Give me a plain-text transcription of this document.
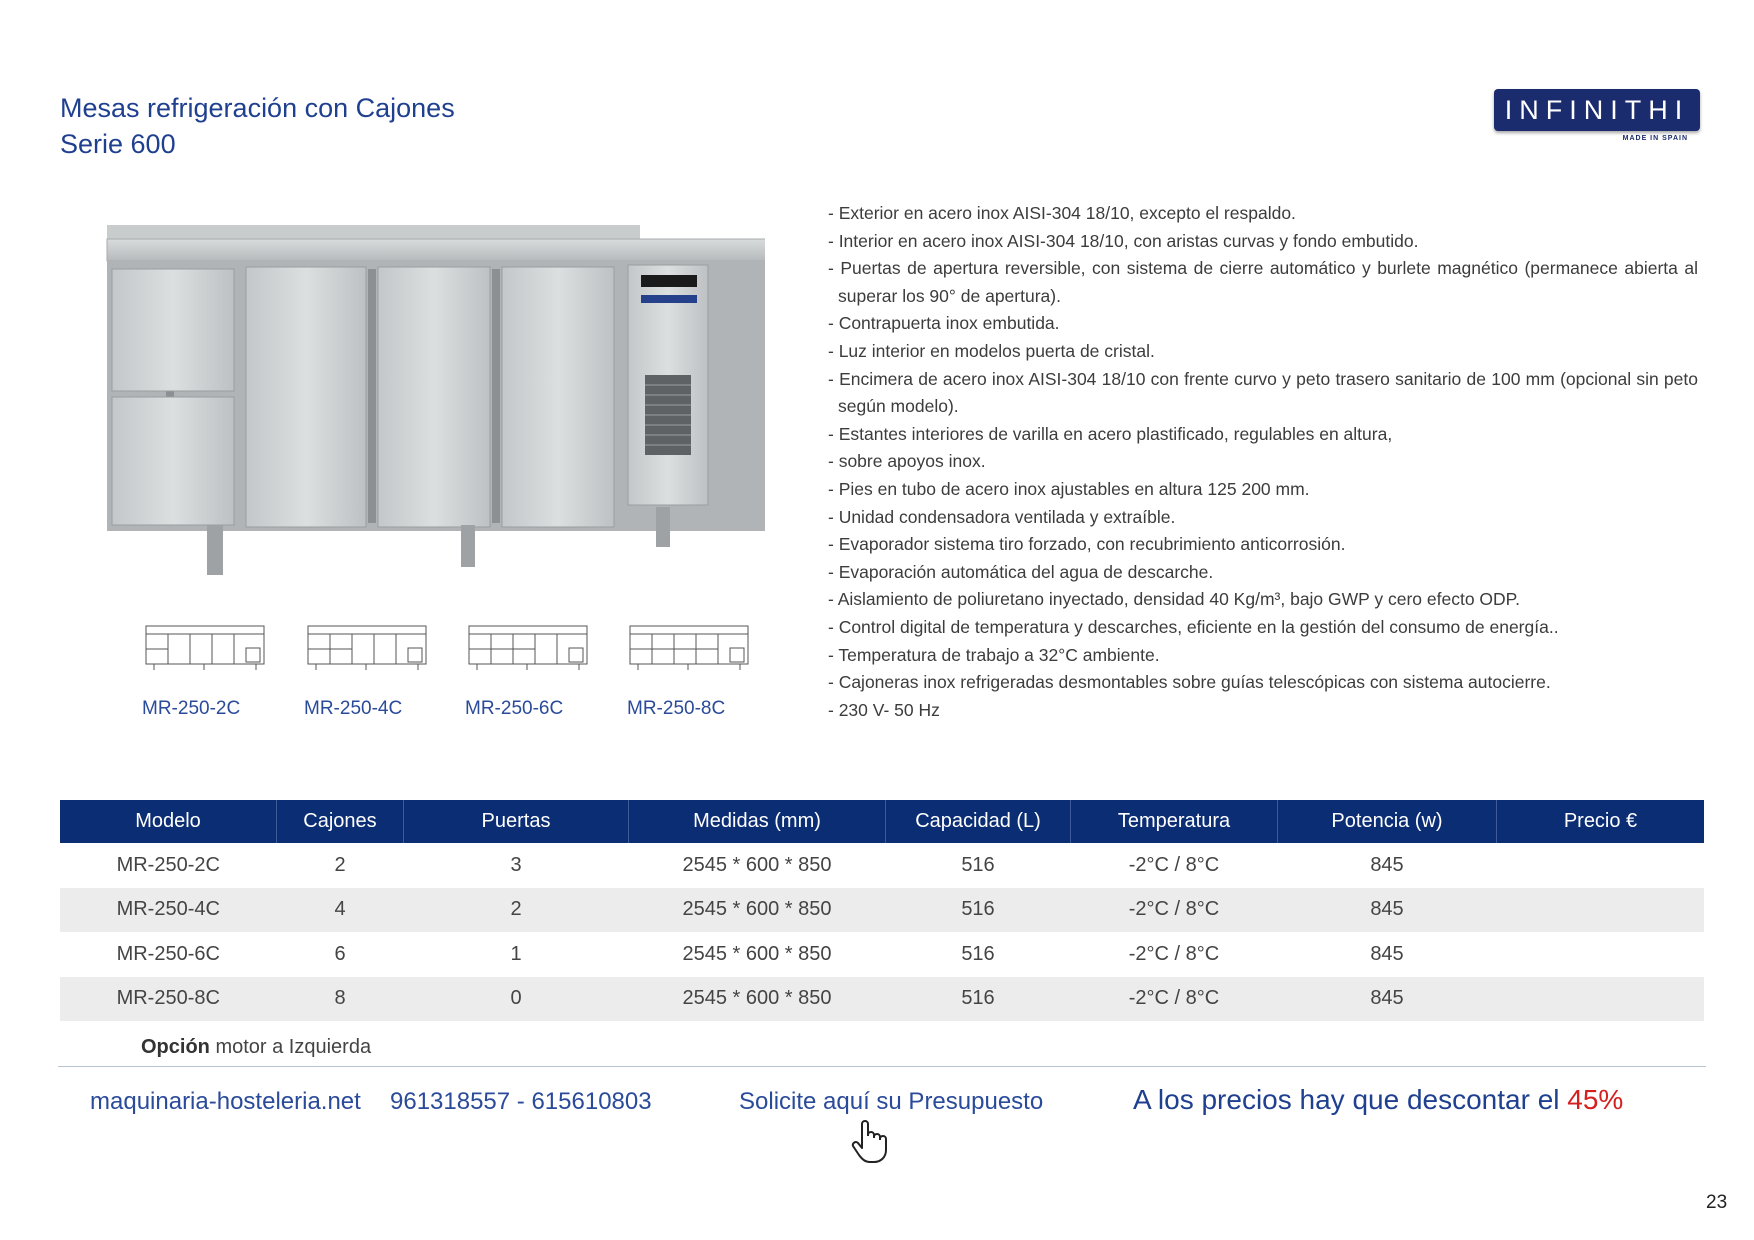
Mesas refrigeración con Cajones
Serie 600
INFINITHI
MADE IN SPAIN
- Exterior en acero inox AISI-304 18/10, excepto el respaldo.
- Interior en acero inox AISI-304 18/10, con aristas curvas y fondo embutido.
- Puertas de apertura reversible, con sistema de cierre automático y burlete magnético (permanece abierta al superar los 90° de apertura).
- Contrapuerta inox embutida.
- Luz interior en modelos puerta de cristal.
- Encimera de acero inox AISI-304 18/10 con frente curvo y peto trasero sanitario de 100 mm (opcional sin peto según modelo).
- Estantes interiores de varilla en acero plastificado, regulables en altura,
- sobre apoyos inox.
- Pies en tubo de acero inox ajustables en altura 125 200 mm.
- Unidad condensadora ventilada y extraíble.
- Evaporador sistema tiro forzado, con recubrimiento anticorrosión.
- Evaporación automática del agua de descarche.
- Aislamiento de poliuretano inyectado, densidad 40 Kg/m³, bajo GWP y cero efecto ODP.
- Control digital de temperatura y descarches, eficiente en la gestión del consumo de energía..
- Temperatura de trabajo a 32°C ambiente.
- Cajoneras inox refrigeradas desmontables sobre guías telescópicas con sistema autocierre.
- 230 V- 50 Hz
MR-250-2C	MR-250-4C	MR-250-6C	MR-250-8C
Modelo	Cajones	Puertas	Medidas (mm)	Capacidad (L)	Temperatura	Potencia (w)	Precio €
MR-250-2C	2	3	2545 * 600 * 850	516	-2°C / 8°C	845	
MR-250-4C	4	2	2545 * 600 * 850	516	-2°C / 8°C	845	
MR-250-6C	6	1	2545 * 600 * 850	516	-2°C / 8°C	845	
MR-250-8C	8	0	2545 * 600 * 850	516	-2°C / 8°C	845	
Opción motor a Izquierda
maquinaria-hosteleria.net 961318557 - 615610803	Solicite aquí su Presupuesto	A los precios hay que descontar el 45%
23
